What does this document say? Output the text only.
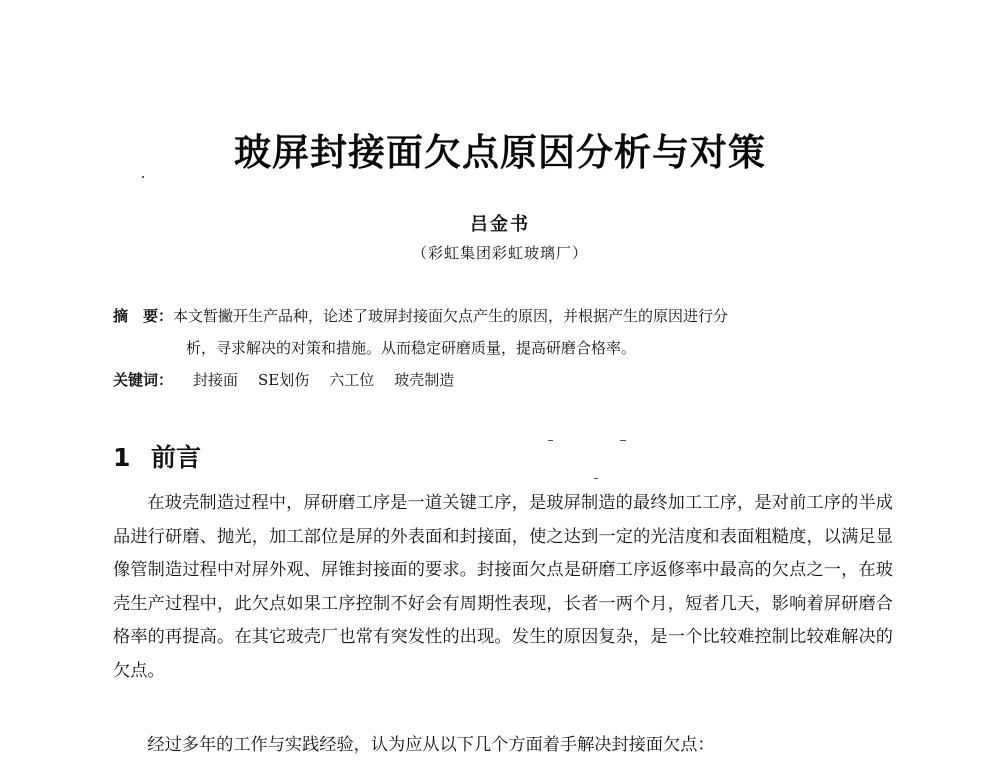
玻屏封接面欠点原因分析与对策
吕金书
（彩虹集团彩虹玻璃厂）
摘　要：本文暂撇开生产品种，论述了玻屏封接面欠点产生的原因，并根据产生的原因进行分
析，寻求解决的对策和措施。从而稳定研磨质量，提高研磨合格率。
关键词： 封接面 SE划伤 六工位 玻壳制造
1 前言

在玻壳制造过程中，屏研磨工序是一道关键工序，是玻屏制造的最终加工工序，是对前工序的半成品进行研磨、抛光，加工部位是屏的外表面和封接面，使之达到一定的光洁度和表面粗糙度，以满足显像管制造过程中对屏外观、屏锥封接面的要求。封接面欠点是研磨工序返修率中最高的欠点之一，在玻壳生产过程中，此欠点如果工序控制不好会有周期性表现，长者一两个月，短者几天，影响着屏研磨合格率的再提高。在其它玻壳厂也常有突发性的出现。发生的原因复杂，是一个比较难控制比较难解决的欠点。

经过多年的工作与实践经验，认为应从以下几个方面着手解决封接面欠点：
